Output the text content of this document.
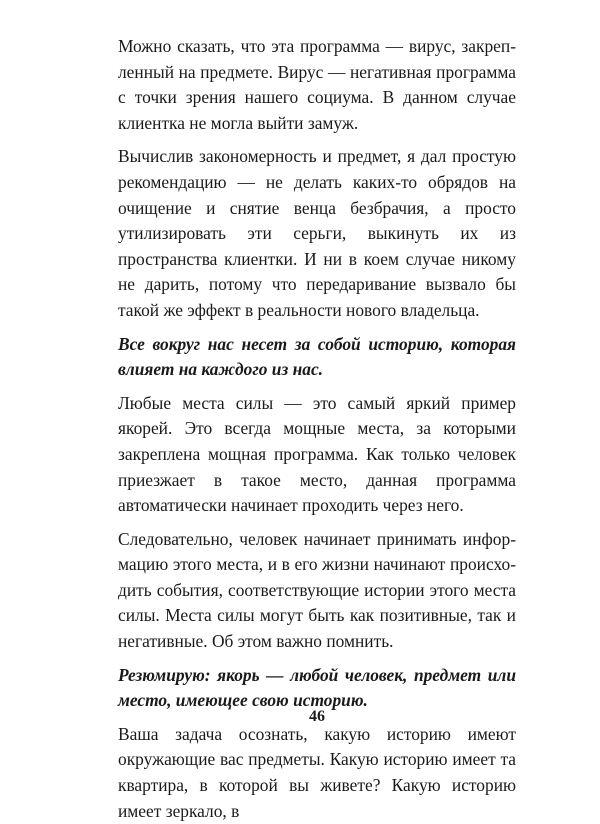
Можно сказать, что эта программа — вирус, закрепленный на предмете. Вирус — негативная программа с точки зрения нашего социума. В данном случае клиентка не могла выйти замуж.

Вычислив закономерность и предмет, я дал простую рекомендацию — не делать каких-то обрядов на очищение и снятие венца безбрачия, а просто утилизировать эти серьги, выкинуть их из пространства клиентки. И ни в коем случае никому не дарить, потому что передаривание вызвало бы такой же эффект в реальности нового владельца.

Все вокруг нас несет за собой историю, которая влияет на каждого из нас.

Любые места силы — это самый яркий пример якорей. Это всегда мощные места, за которыми закреплена мощная программа. Как только человек приезжает в такое место, данная программа автоматически начинает проходить через него.

Следовательно, человек начинает принимать информацию этого места, и в его жизни начинают происходить события, соответствующие истории этого места силы. Места силы могут быть как позитивные, так и негативные. Об этом важно помнить.

Резюмирую: якорь — любой человек, предмет или место, имеющее свою историю.

Ваша задача осознать, какую историю имеют окружающие вас предметы. Какую историю имеет та квартира, в которой вы живете? Какую историю имеет зеркало, в

46
